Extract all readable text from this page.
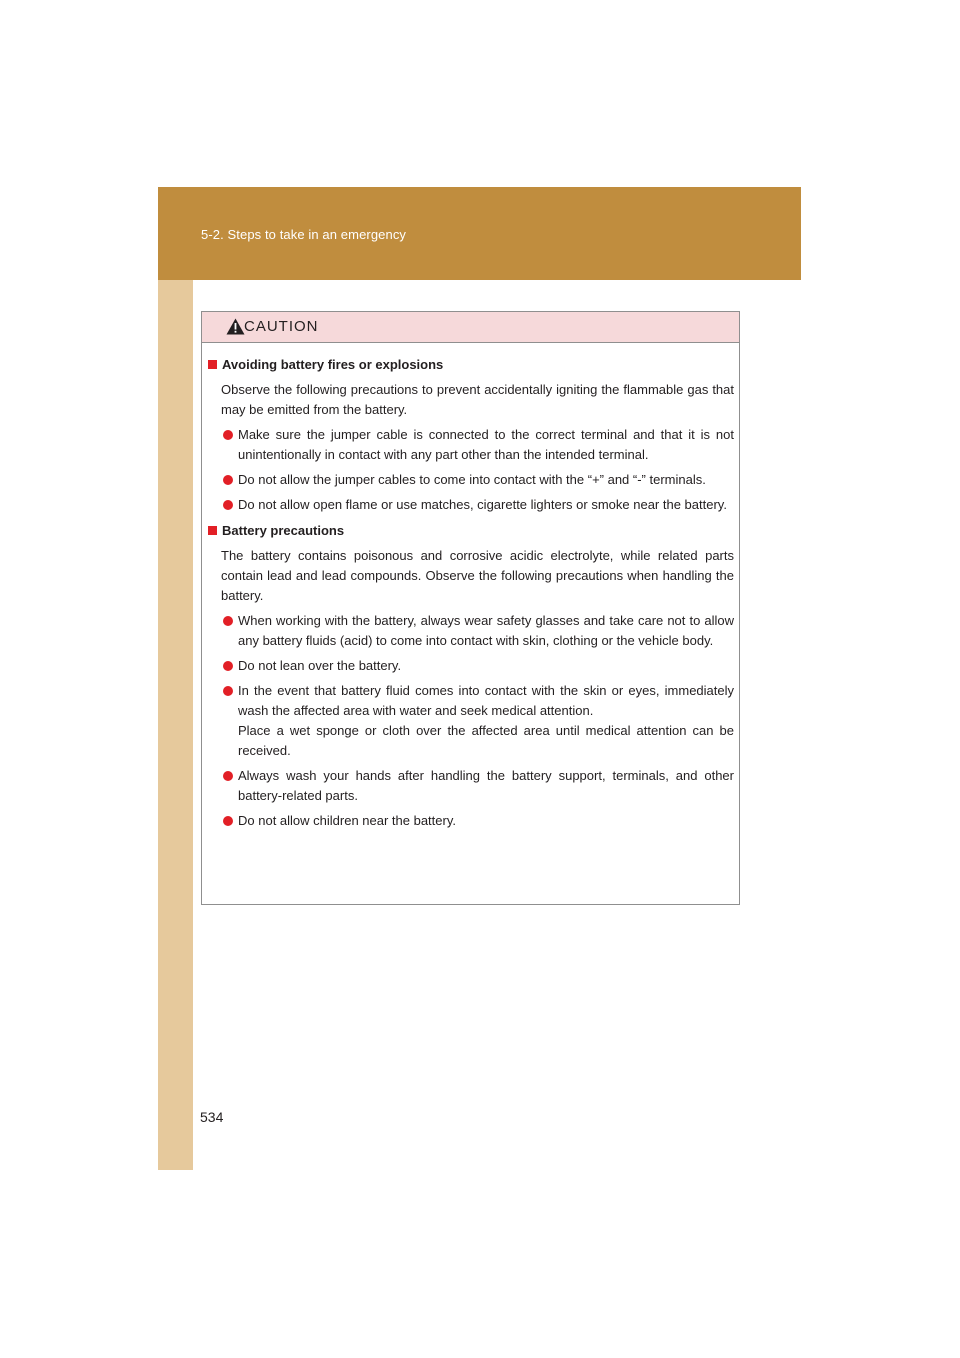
5-2. Steps to take in an emergency
CAUTION
Avoiding battery fires or explosions
Observe the following precautions to prevent accidentally igniting the flammable gas that may be emitted from the battery.
Make sure the jumper cable is connected to the correct terminal and that it is not unintentionally in contact with any part other than the intended terminal.
Do not allow the jumper cables to come into contact with the “+” and “-” terminals.
Do not allow open flame or use matches, cigarette lighters or smoke near the battery.
Battery precautions
The battery contains poisonous and corrosive acidic electrolyte, while related parts contain lead and lead compounds. Observe the following precautions when handling the battery.
When working with the battery, always wear safety glasses and take care not to allow any battery fluids (acid) to come into contact with skin, clothing or the vehicle body.
Do not lean over the battery.
In the event that battery fluid comes into contact with the skin or eyes, immediately wash the affected area with water and seek medical attention.
Place a wet sponge or cloth over the affected area until medical attention can be received.
Always wash your hands after handling the battery support, terminals, and other battery-related parts.
Do not allow children near the battery.
534
